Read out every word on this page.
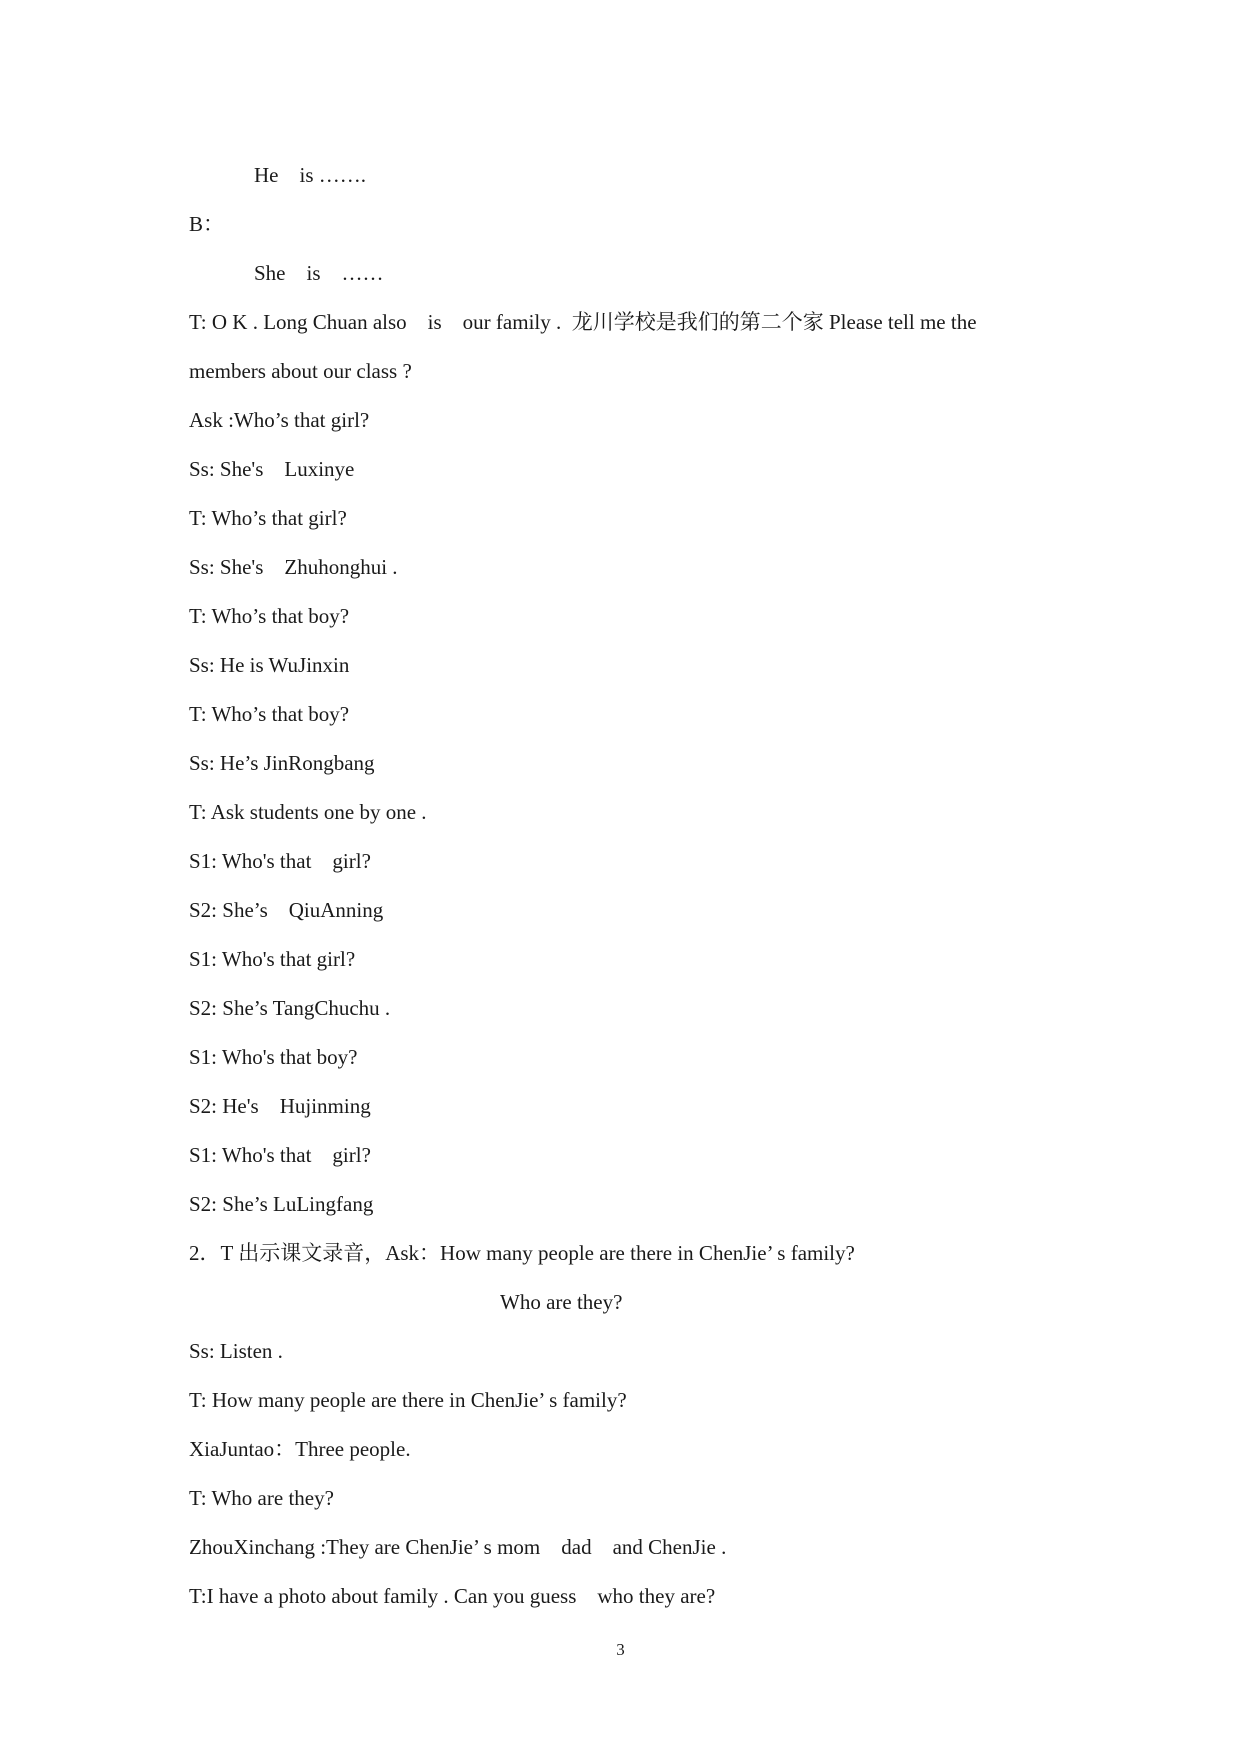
He    is …….
B：
She    is    ……
T: O K . Long Chuan also    is    our family .  龙川学校是我们的第二个家 Please tell me the
members about our class ?
Ask :Who’s that girl?
Ss: She's    Luxinye
T: Who’s that girl?
Ss: She's    Zhuhonghui .
T: Who’s that boy?
Ss: He is WuJinxin
T: Who’s that boy?
Ss: He’s JinRongbang
T: Ask students one by one .
S1: Who's that    girl?
S2: She’s    QiuAnning
S1: Who's that girl?
S2: She’s TangChuchu .
S1: Who's that boy?
S2: He's    Hujinming
S1: Who's that    girl?
S2: She’s LuLingfang
2．T 出示课文录音，Ask：How many people are there in ChenJie’ s family?
Who are they?
Ss: Listen .
T: How many people are there in ChenJie’ s family?
XiaJuntao：Three people.
T: Who are they?
ZhouXinchang :They are ChenJie’ s mom    dad    and ChenJie .
T:I have a photo about family . Can you guess    who they are?
3
